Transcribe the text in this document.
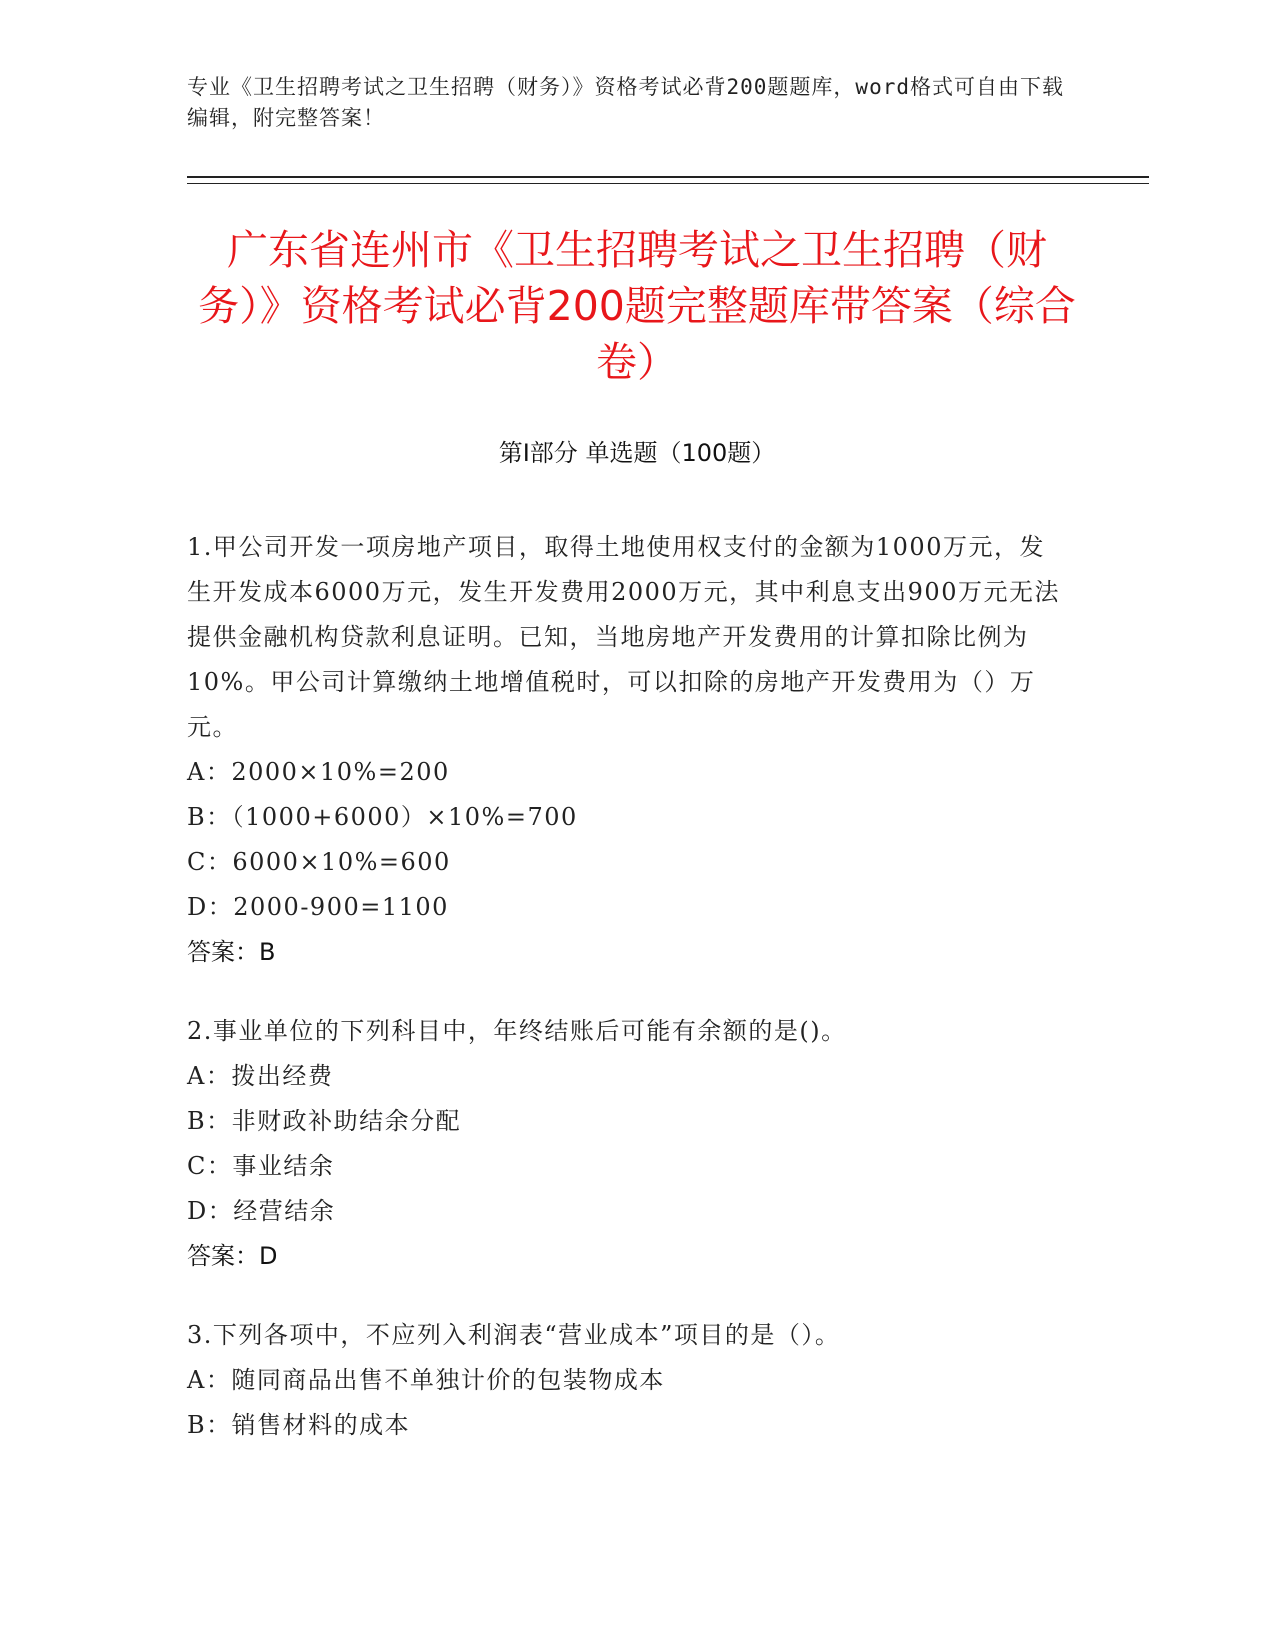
专业《卫生招聘考试之卫生招聘（财务）》资格考试必背200题题库，word格式可自由下载编辑，附完整答案！
广东省连州市《卫生招聘考试之卫生招聘（财务）》资格考试必背200题完整题库带答案（综合卷）
第I部分 单选题（100题）

1.甲公司开发一项房地产项目，取得土地使用权支付的金额为1000万元，发生开发成本6000万元，发生开发费用2000万元，其中利息支出900万元无法提供金融机构贷款利息证明。已知，当地房地产开发费用的计算扣除比例为10%。甲公司计算缴纳土地增值税时，可以扣除的房地产开发费用为（）万元。

A：2000×10%=200

B：（1000+6000）×10%=700

C：6000×10%=600

D：2000-900=1100

答案：B

2.事业单位的下列科目中，年终结账后可能有余额的是()。

A：拨出经费

B：非财政补助结余分配

C：事业结余

D：经营结余

答案：D

3.下列各项中，不应列入利润表“营业成本”项目的是（）。

A：随同商品出售不单独计价的包装物成本

B：销售材料的成本
